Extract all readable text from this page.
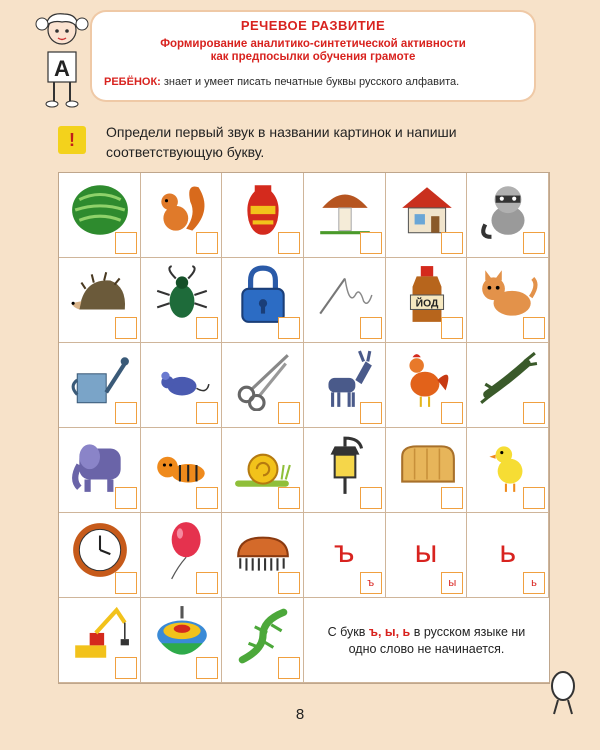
А
РЕЧЕВОЕ РАЗВИТИЕ
Формирование аналитико-синтетической активности
как предпосылки обучения грамоте
РЕБЁНОК: знает и умеет писать печатные буквы русского алфавита.
!	Определи первый звук в названии картинок и напиши соответствующую букву.
ЙОД
ъ
ъ
ы
ы
ь
ь
С букв ъ, ы, ь в русском языке ни одно слово не начинается.
8
